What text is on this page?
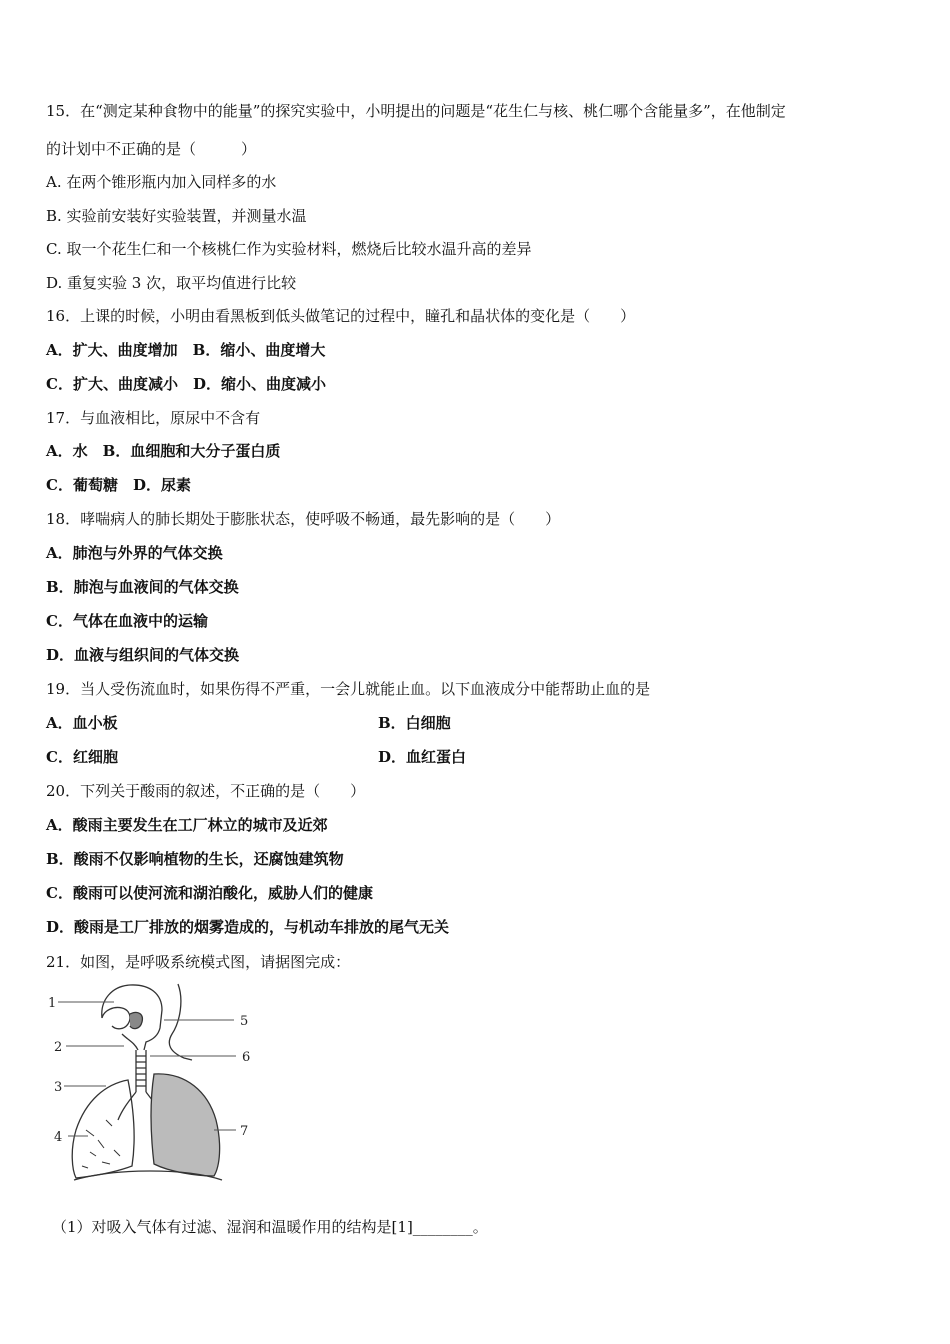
15．在“测定某种食物中的能量”的探究实验中，小明提出的问题是“花生仁与核、桃仁哪个含能量多”，在他制定
的计划中不正确的是（　　　）
A. 在两个锥形瓶内加入同样多的水
B. 实验前安装好实验装置，并测量水温
C. 取一个花生仁和一个核桃仁作为实验材料，燃烧后比较水温升高的差异
D. 重复实验 3 次，取平均值进行比较
16．上课的时候，小明由看黑板到低头做笔记的过程中，瞳孔和晶状体的变化是（　　）
A．扩大、曲度增加　B．缩小、曲度增大
C．扩大、曲度减小　D．缩小、曲度减小
17．与血液相比，原尿中不含有
A．水　B．血细胞和大分子蛋白质
C．葡萄糖　D．尿素
18．哮喘病人的肺长期处于膨胀状态，使呼吸不畅通，最先影响的是（　　）
A．肺泡与外界的气体交换
B．肺泡与血液间的气体交换
C．气体在血液中的运输
D．血液与组织间的气体交换
19．当人受伤流血时，如果伤得不严重，一会儿就能止血。以下血液成分中能帮助止血的是
A．血小板	B．白细胞
C．红细胞	D．血红蛋白
20．下列关于酸雨的叙述，不正确的是（　　）
A．酸雨主要发生在工厂林立的城市及近郊
B．酸雨不仅影响植物的生长，还腐蚀建筑物
C．酸雨可以使河流和湖泊酸化，威胁人们的健康
D．酸雨是工厂排放的烟雾造成的，与机动车排放的尾气无关
21．如图，是呼吸系统模式图，请据图完成：
1
2
3
4
5
6
7
（1）对吸入气体有过滤、湿润和温暖作用的结构是[1]________。
